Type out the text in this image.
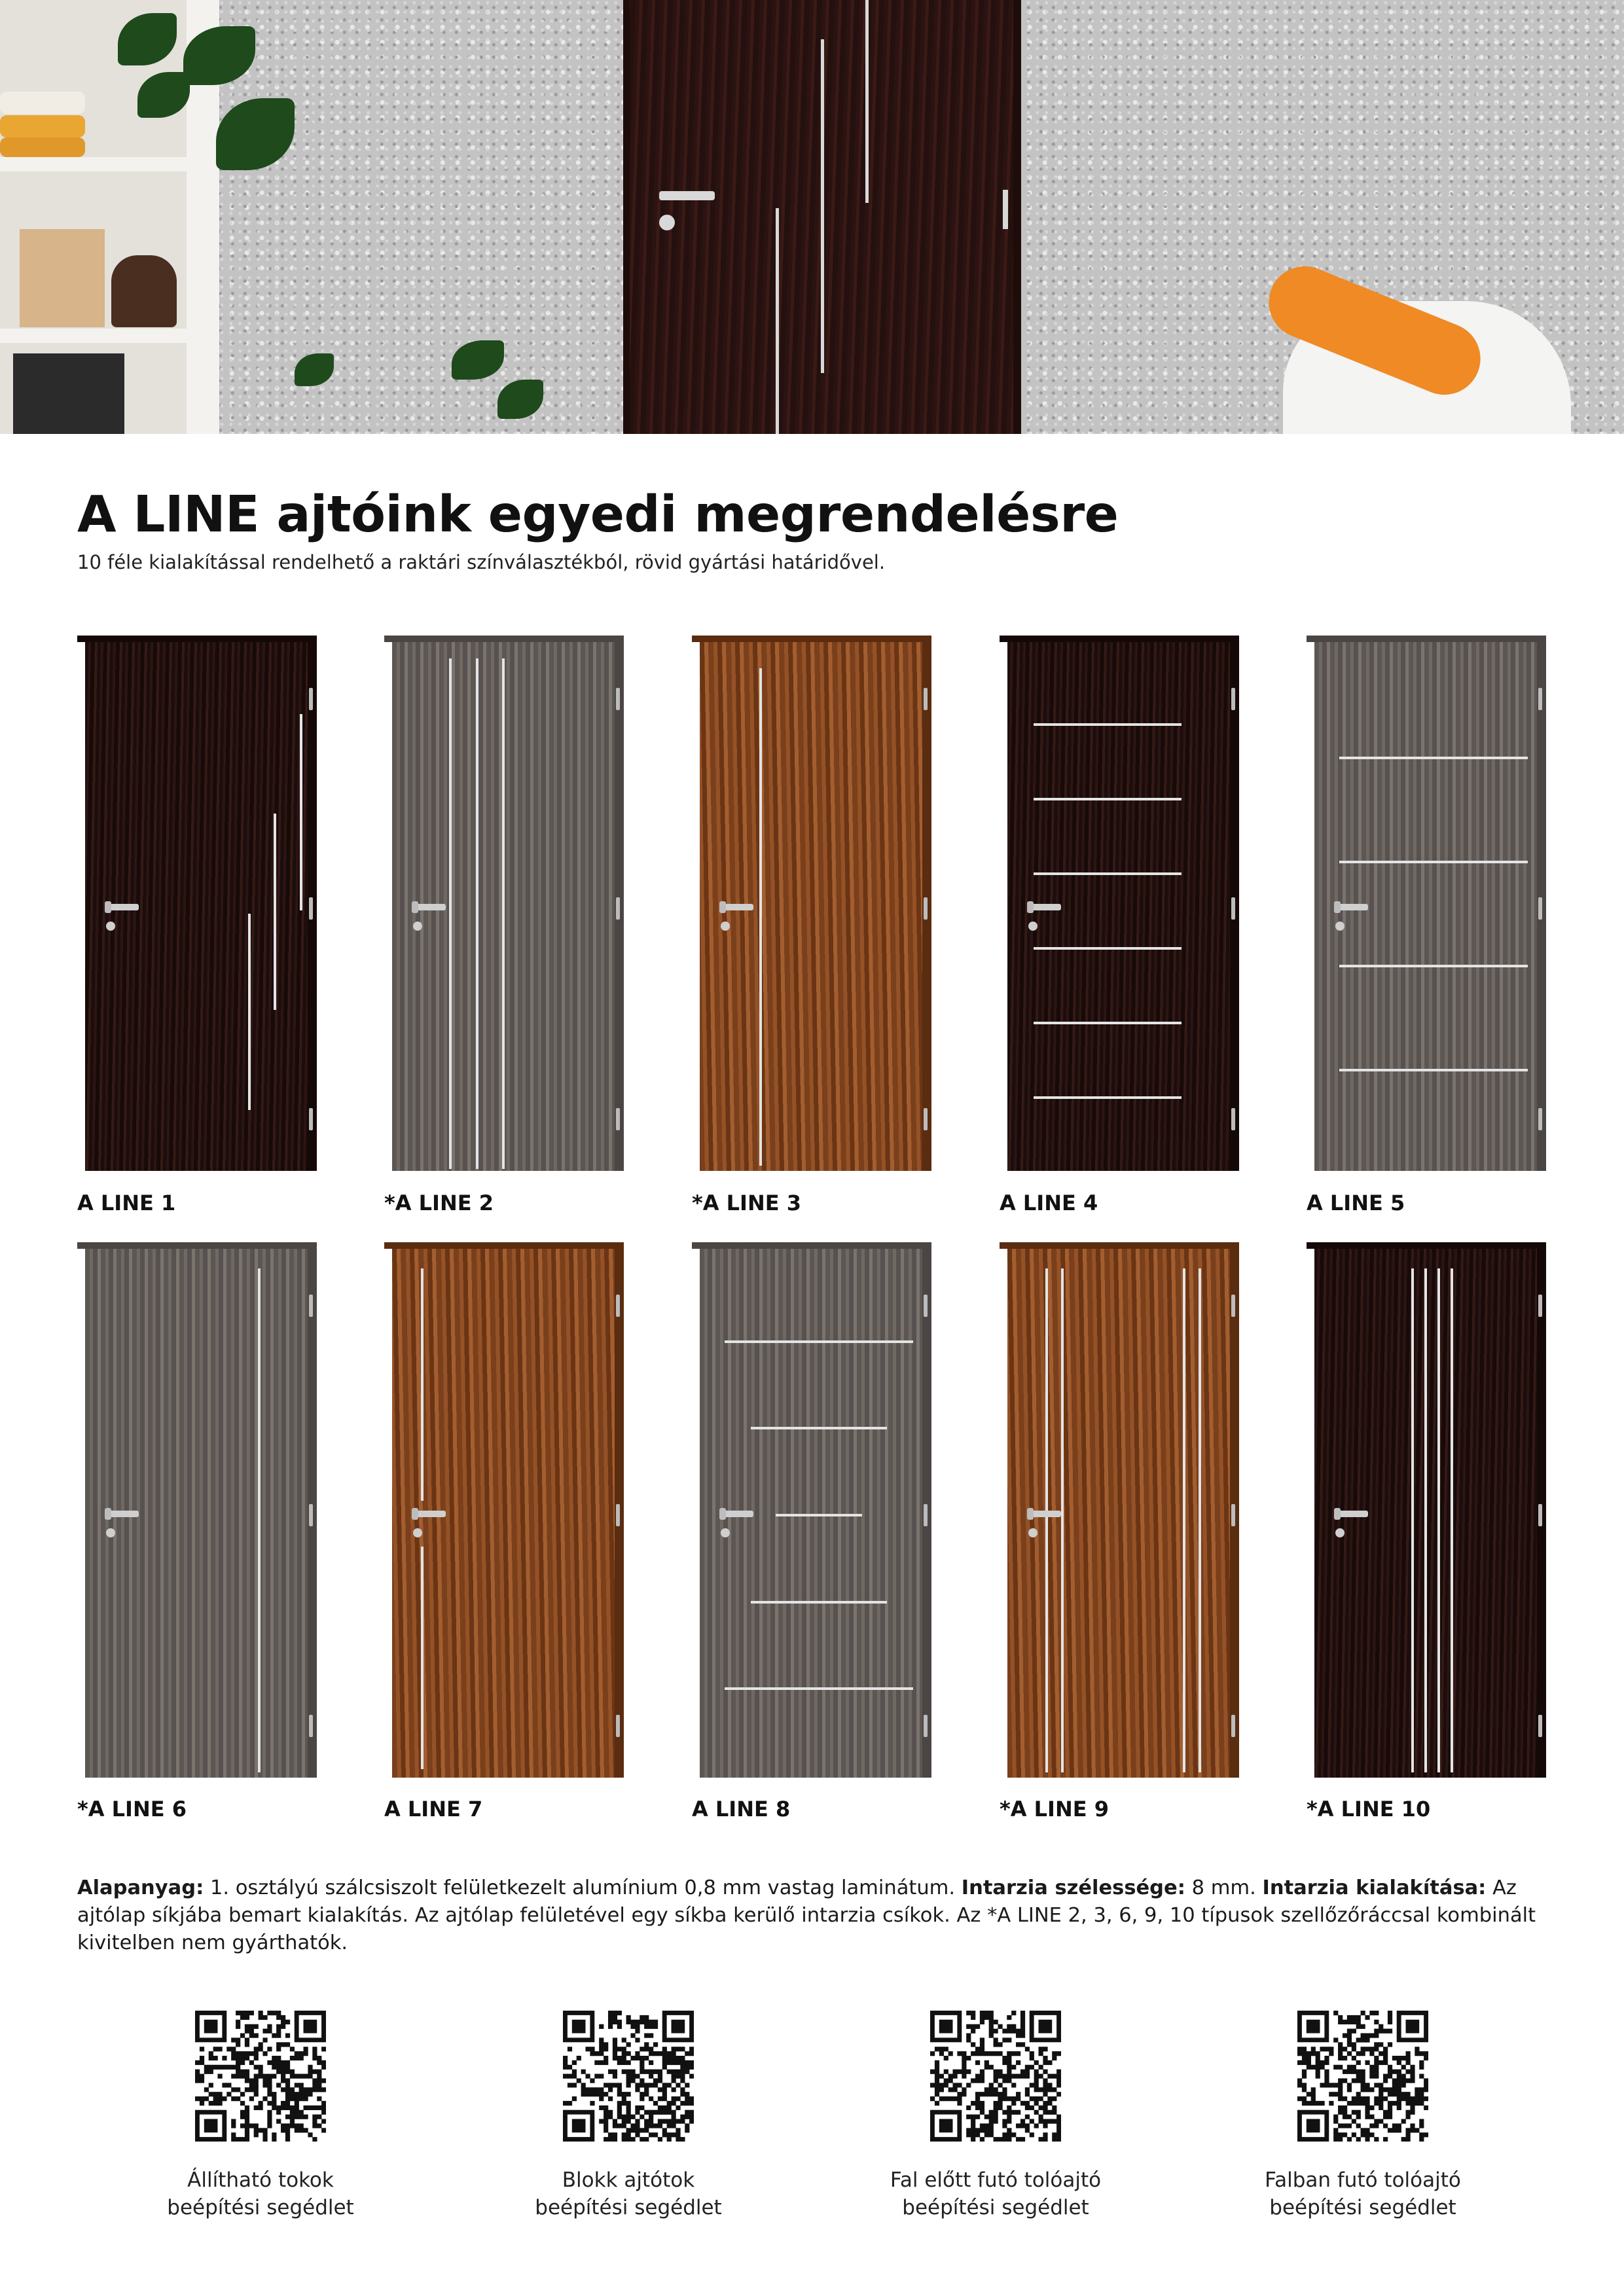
A LINE ajtóink egyedi megrendelésre

10 féle kialakítással rendelhető a raktári színválasztékból, rövid gyártási határidővel.

A LINE 1	*A LINE 2	*A LINE 3	A LINE 4	A LINE 5
*A LINE 6	A LINE 7	A LINE 8	*A LINE 9	*A LINE 10

Alapanyag: 1. osztályú szálcsiszolt felületkezelt alumínium 0,8 mm vastag laminátum. Intarzia szélessége: 8 mm. Intarzia kialakítása: Az ajtólap síkjába bemart kialakítás. Az ajtólap felületével egy síkba kerülő intarzia csíkok. Az *A LINE 2, 3, 6, 9, 10 típusok szellőzőráccsal kombinált kivitelben nem gyárthatók.

Állítható tokok
beépítési segédlet
Blokk ajtótok
beépítési segédlet
Fal előtt futó tolóajtó
beépítési segédlet
Falban futó tolóajtó
beépítési segédlet
